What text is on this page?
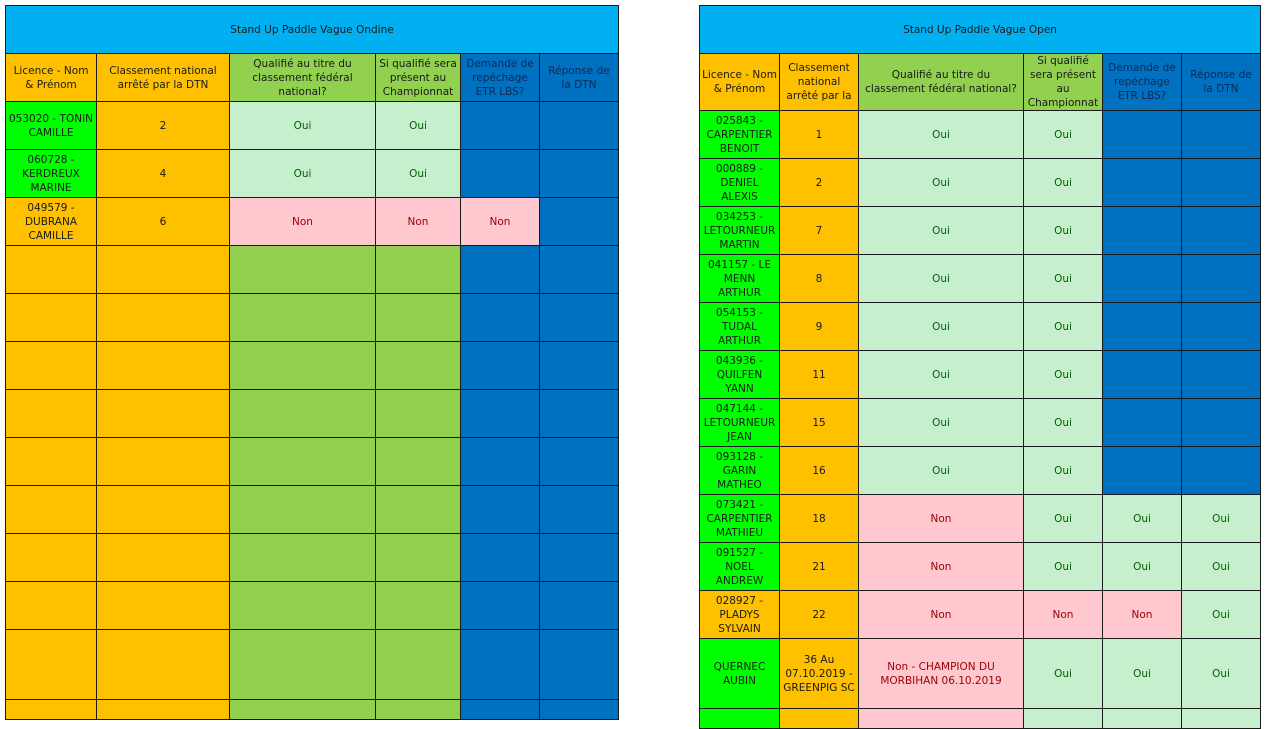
Stand Up Paddle Vague Ondine					
Licence - Nom & Prénom	Classement national arrêté par la DTN	Qualifié au titre du classement fédéral national?	Si qualifié sera présent au Championnat	Demande de repéchage ETR LBS?	Réponse de la DTN
053020 - TONIN CAMILLE	2	Oui	Oui		
060728 - KERDREUX MARINE	4	Oui	Oui		
049579 - DUBRANA CAMILLE	6	Non	Non	Non	

Stand Up Paddle Vague Open					
Licence - Nom & Prénom	Classement national arrêté par la	Qualifié au titre du classement fédéral national?	Si qualifié sera présent au Championnat	Demande de repéchage ETR LBS?	Réponse de la DTN
025843 - CARPENTIER BENOIT	1	Oui	Oui		
000889 - DENIEL ALEXIS	2	Oui	Oui		
034253 - LETOURNEUR MARTIN	7	Oui	Oui		
041157 - LE MENN ARTHUR	8	Oui	Oui		
054153 - TUDAL ARTHUR	9	Oui	Oui		
043936 - QUILFEN YANN	11	Oui	Oui		
047144 - LETOURNEUR JEAN	15	Oui	Oui		
093128 - GARIN MATHEO	16	Oui	Oui		
073421 - CARPENTIER MATHIEU	18	Non	Oui	Oui	Oui
091527 - NOEL ANDREW	21	Non	Oui	Oui	Oui
028927 - PLADYS SYLVAIN	22	Non	Non	Non	Oui
QUERNEC AUBIN	36 Au 07.10.2019 - GREENPIG SC	Non - CHAMPION DU MORBIHAN 06.10.2019	Oui	Oui	Oui
